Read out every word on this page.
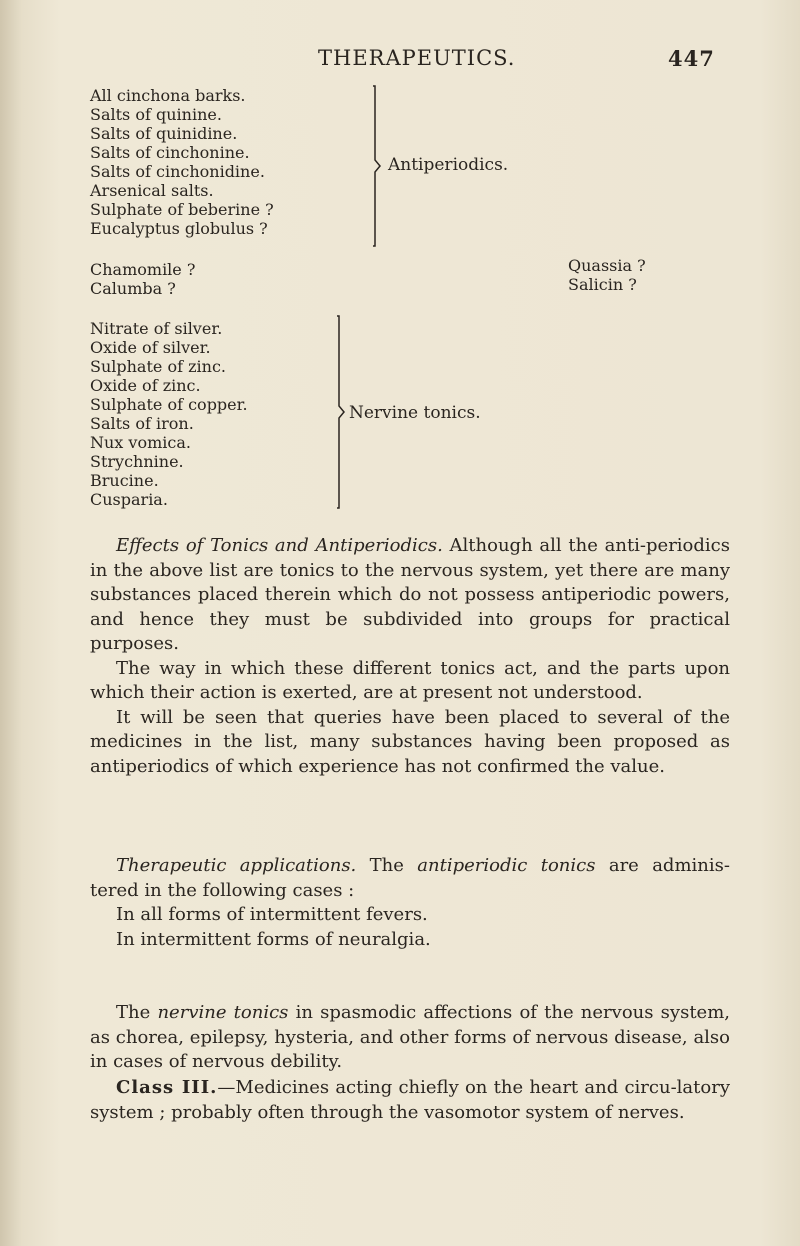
THERAPEUTICS.	447
All cinchona barks.
Salts of quinine.
Salts of quinidine.
Salts of cinchonine.
Salts of cinchonidine.
Arsenical salts.
Sulphate of beberine ?
Eucalyptus globulus ?
Antiperiodics.
Chamomile ?
Calumba ?
Quassia ?
Salicin ?
Nitrate of silver.
Oxide of silver.
Sulphate of zinc.
Oxide of zinc.
Sulphate of copper.
Salts of iron.
Nux vomica.
Strychnine.
Brucine.
Cusparia.
Nervine tonics.

Effects of Tonics and Antiperiodics. Although all the anti-periodics in the above list are tonics to the nervous system, yet there are many substances placed therein which do not possess antiperiodic powers, and hence they must be subdivided into groups for practical purposes.

The way in which these different tonics act, and the parts upon which their action is exerted, are at present not understood.

It will be seen that queries have been placed to several of the medicines in the list, many substances having been proposed as antiperiodics of which experience has not confirmed the value.

Therapeutic applications. The antiperiodic tonics are adminis-tered in the following cases :

In all forms of intermittent fevers.

In intermittent forms of neuralgia.

The nervine tonics in spasmodic affections of the nervous system, as chorea, epilepsy, hysteria, and other forms of nervous disease, also in cases of nervous debility.

Class III.—Medicines acting chiefly on the heart and circu-latory system ; probably often through the vasomotor system of nerves.
